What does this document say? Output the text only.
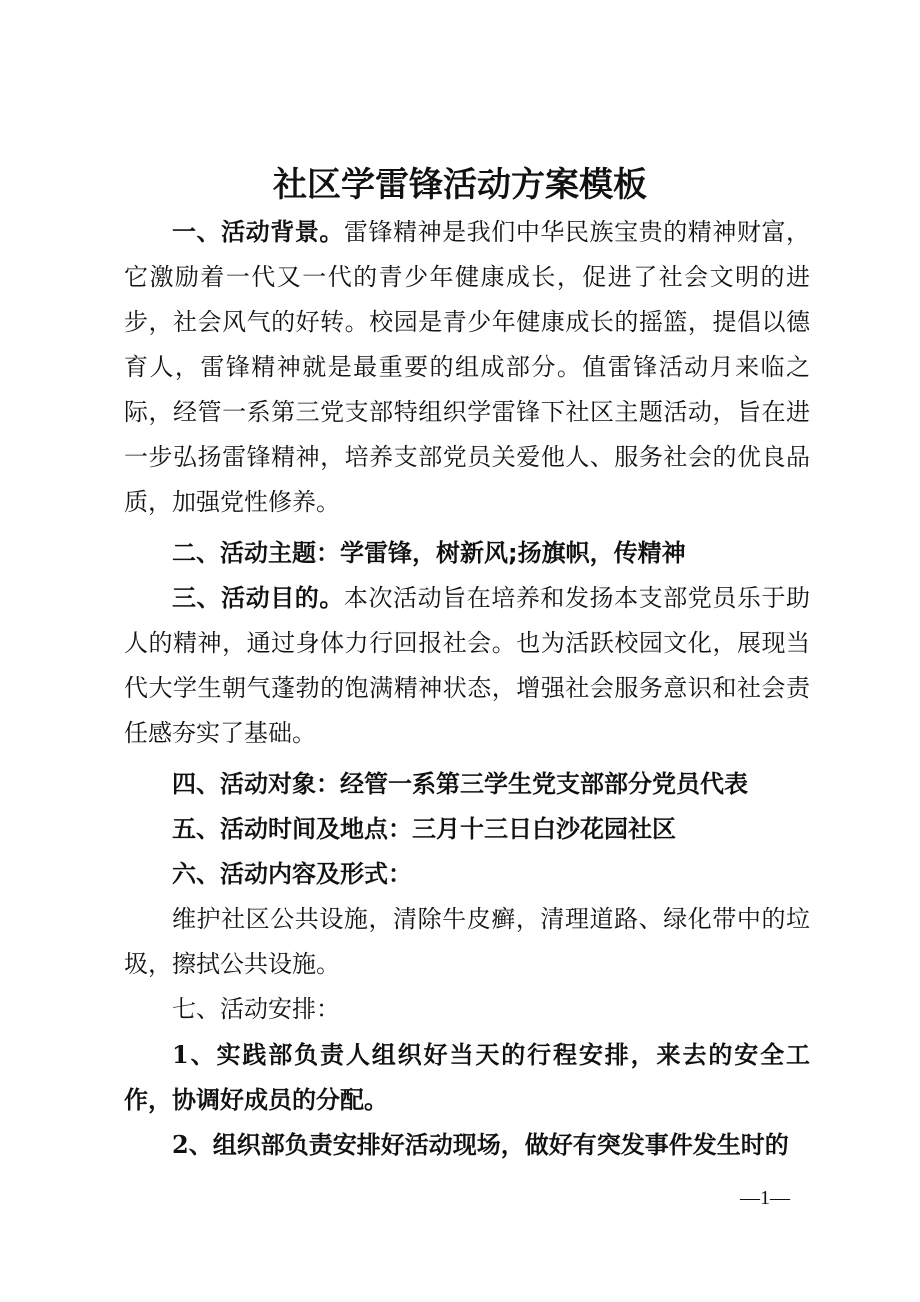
社区学雷锋活动方案模板

一、活动背景。雷锋精神是我们中华民族宝贵的精神财富，它激励着一代又一代的青少年健康成长，促进了社会文明的进步，社会风气的好转。校园是青少年健康成长的摇篮，提倡以德育人，雷锋精神就是最重要的组成部分。值雷锋活动月来临之际，经管一系第三党支部特组织学雷锋下社区主题活动，旨在进一步弘扬雷锋精神，培养支部党员关爱他人、服务社会的优良品质，加强党性修养。

二、活动主题：学雷锋，树新风;扬旗帜，传精神

三、活动目的。本次活动旨在培养和发扬本支部党员乐于助人的精神，通过身体力行回报社会。也为活跃校园文化，展现当代大学生朝气蓬勃的饱满精神状态，增强社会服务意识和社会责任感夯实了基础。

四、活动对象：经管一系第三学生党支部部分党员代表

五、活动时间及地点：三月十三日白沙花园社区

六、活动内容及形式：

维护社区公共设施，清除牛皮癣，清理道路、绿化带中的垃圾，擦拭公共设施。

七、活动安排：

1、实践部负责人组织好当天的行程安排，来去的安全工作，协调好成员的分配。

2、组织部负责安排好活动现场，做好有突发事件发生时的

—1—
